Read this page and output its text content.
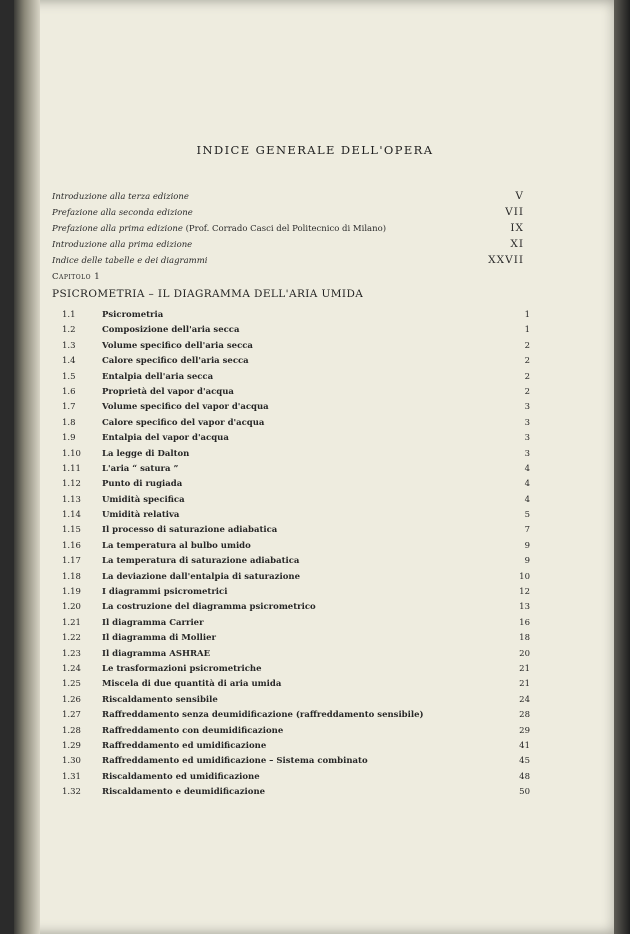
INDICE GENERALE DELL'OPERA
Introduzione alla terza edizione	V
Prefazione alla seconda edizione	VII
Prefazione alla prima edizione (Prof. Corrado Casci del Politecnico di Milano)	IX
Introduzione alla prima edizione	XI
Indice delle tabelle e dei diagrammi	XXVII
Capitolo 1
PSICROMETRIA – IL DIAGRAMMA DELL'ARIA UMIDA
1.1	Psicrometria	1
1.2	Composizione dell'aria secca	1
1.3	Volume specifico dell'aria secca	2
1.4	Calore specifico dell'aria secca	2
1.5	Entalpia dell'aria secca	2
1.6	Proprietà del vapor d'acqua	2
1.7	Volume specifico del vapor d'acqua	3
1.8	Calore specifico del vapor d'acqua	3
1.9	Entalpia del vapor d'acqua	3
1.10	La legge di Dalton	3
1.11	L'aria “ satura ”	4
1.12	Punto di rugiada	4
1.13	Umidità specifica	4
1.14	Umidità relativa	5
1.15	Il processo di saturazione adiabatica	7
1.16	La temperatura al bulbo umido	9
1.17	La temperatura di saturazione adiabatica	9
1.18	La deviazione dall'entalpia di saturazione	10
1.19	I diagrammi psicrometrici	12
1.20	La costruzione del diagramma psicrometrico	13
1.21	Il diagramma Carrier	16
1.22	Il diagramma di Mollier	18
1.23	Il diagramma ASHRAE	20
1.24	Le trasformazioni psicrometriche	21
1.25	Miscela di due quantità di aria umida	21
1.26	Riscaldamento sensibile	24
1.27	Raffreddamento senza deumidificazione (raffreddamento sensibile)	28
1.28	Raffreddamento con deumidificazione	29
1.29	Raffreddamento ed umidificazione	41
1.30	Raffreddamento ed umidificazione – Sistema combinato	45
1.31	Riscaldamento ed umidificazione	48
1.32	Riscaldamento e deumidificazione	50
